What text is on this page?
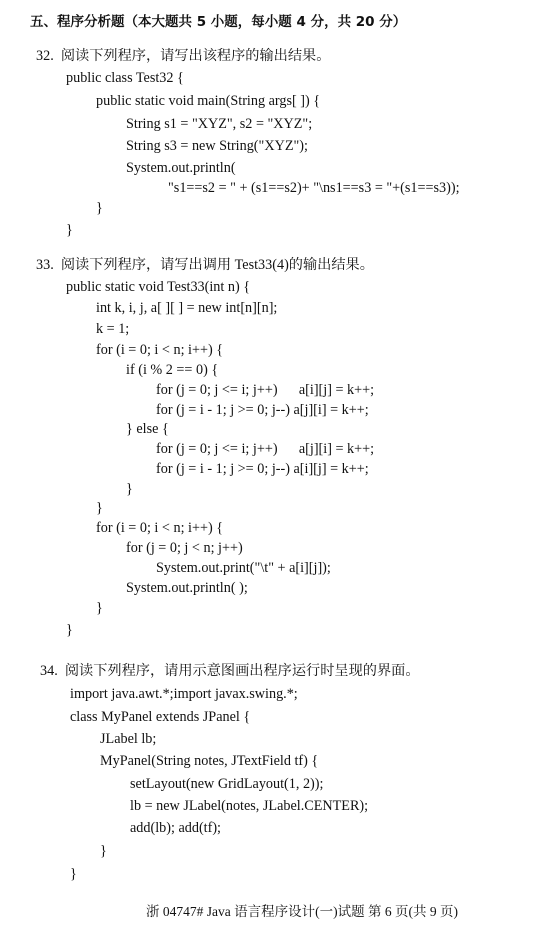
五、程序分析题（本大题共 5 小题，每小题 4 分，共 20 分）
32.  阅读下列程序，请写出该程序的输出结果。
public class Test32 {
public static void main(String args[ ]) {
String s1 = "XYZ", s2 = "XYZ";
String s3 = new String("XYZ");
System.out.println(
"s1==s2 = " + (s1==s2)+ "\ns1==s3 = "+(s1==s3));
}
}
33.  阅读下列程序，请写出调用 Test33(4)的输出结果。
public static void Test33(int n) {
int k, i, j, a[ ][ ] = new int[n][n];
k = 1;
for (i = 0; i < n; i++) {
if (i % 2 == 0) {
for (j = 0; j <= i; j++)      a[i][j] = k++;
for (j = i - 1; j >= 0; j--) a[j][i] = k++;
} else {
for (j = 0; j <= i; j++)      a[j][i] = k++;
for (j = i - 1; j >= 0; j--) a[i][j] = k++;
}
}
for (i = 0; i < n; i++) {
for (j = 0; j < n; j++)
System.out.print("\t" + a[i][j]);
System.out.println( );
}
}
34.  阅读下列程序，请用示意图画出程序运行时呈现的界面。
import java.awt.*;import javax.swing.*;
class MyPanel extends JPanel {
JLabel lb;
MyPanel(String notes, JTextField tf) {
setLayout(new GridLayout(1, 2));
lb = new JLabel(notes, JLabel.CENTER);
add(lb); add(tf);
}
}
浙 04747# Java 语言程序设计(一)试题 第 6 页(共 9 页)
